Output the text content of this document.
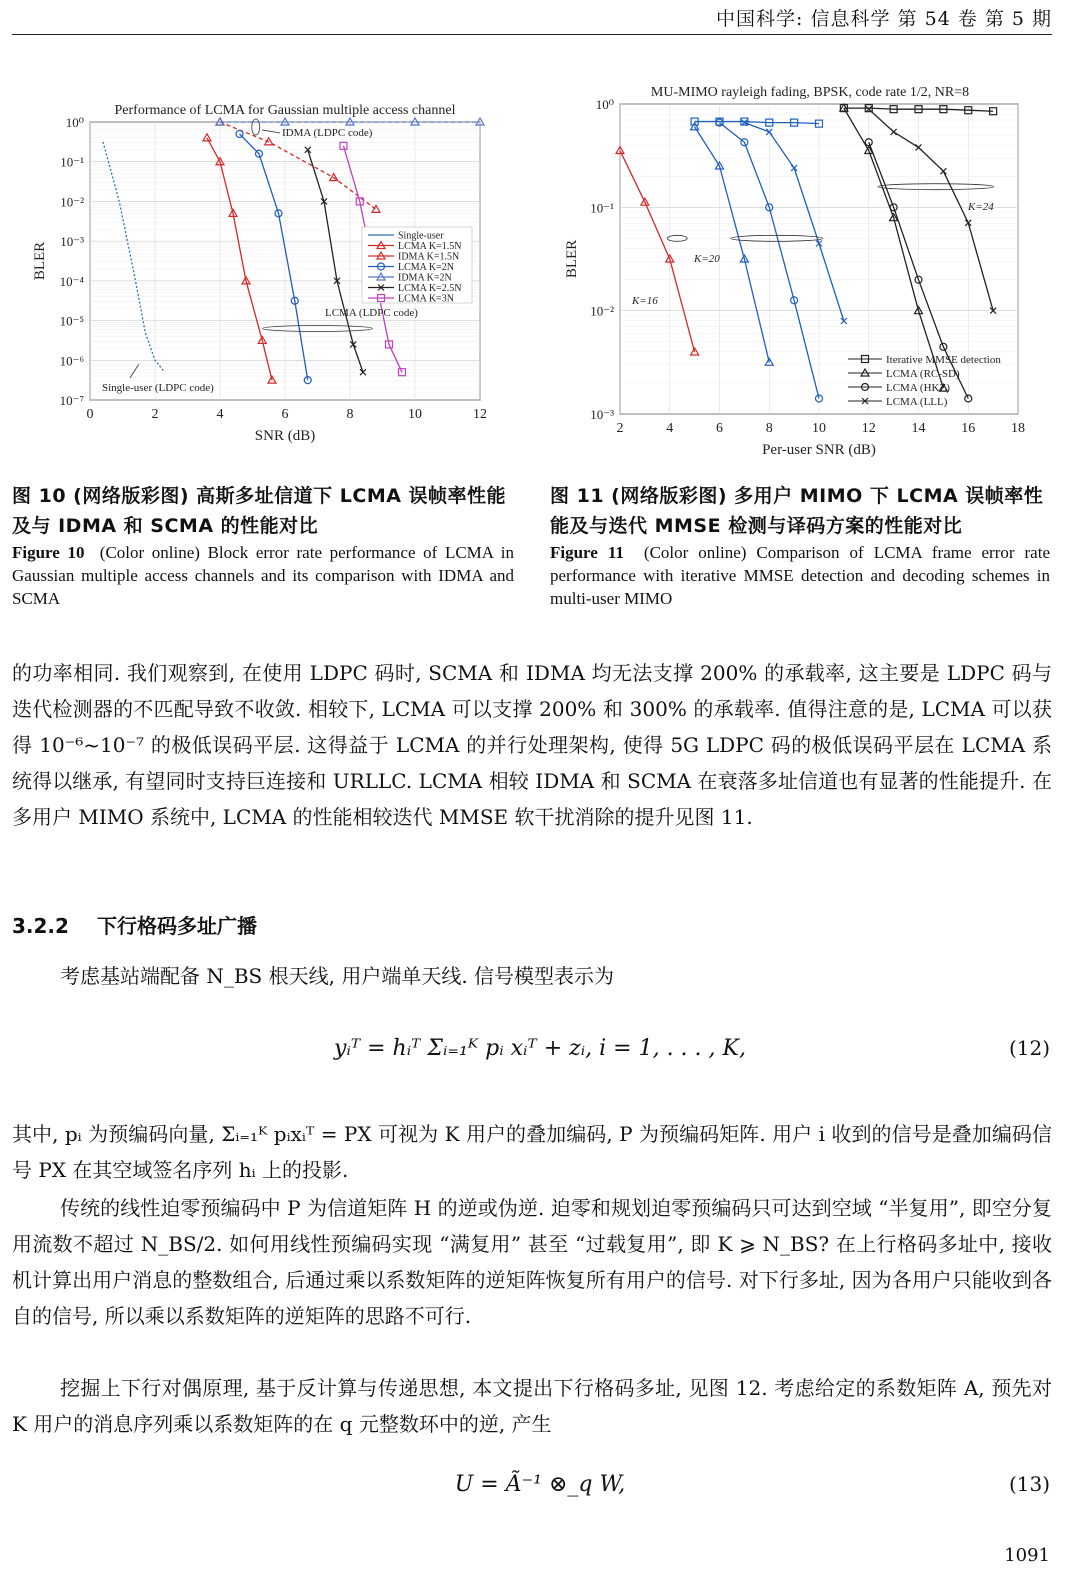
中国科学: 信息科学 第 54 卷 第 5 期
0	2	4	6	8	10	12
10⁰
10⁻¹
10⁻²
10⁻³
10⁻⁴
10⁻⁵
10⁻⁶
10⁻⁷
SNR (dB)
BLER
Performance of LCMA for Gaussian multiple access channel
Single-user
LCMA K=1.5N
IDMA K=1.5N
LCMA K=2N
IDMA K=2N
LCMA K=2.5N
LCMA K=3N
IDMA (LDPC code)
LCMA (LDPC code)
Single-user (LDPC code)
2	4	6	8	10	12	14	16	18
10⁰
10⁻¹
10⁻²
10⁻³
Per-user SNR (dB)
BLER
MU-MIMO rayleigh fading, BPSK, code rate 1/2, NR=8
Iterative MMSE detection
LCMA (RC-SD)
LCMA (HKZ)
LCMA (LLL)
K=16
K=20
K=24
图 10 (网络版彩图) 高斯多址信道下 LCMA 误帧率性能及与 IDMA 和 SCMA 的性能对比
Figure 10 (Color online) Block error rate performance of LCMA in Gaussian multiple access channels and its comparison with IDMA and SCMA
图 11 (网络版彩图) 多用户 MIMO 下 LCMA 误帧率性能及与迭代 MMSE 检测与译码方案的性能对比
Figure 11 (Color online) Comparison of LCMA frame error rate performance with iterative MMSE detection and decoding schemes in multi-user MIMO

的功率相同. 我们观察到, 在使用 LDPC 码时, SCMA 和 IDMA 均无法支撑 200% 的承载率, 这主要是 LDPC 码与迭代检测器的不匹配导致不收敛. 相较下, LCMA 可以支撑 200% 和 300% 的承载率. 值得注意的是, LCMA 可以获得 10⁻⁶~10⁻⁷ 的极低误码平层. 这得益于 LCMA 的并行处理架构, 使得 5G LDPC 码的极低误码平层在 LCMA 系统得以继承, 有望同时支持巨连接和 URLLC. LCMA 相较 IDMA 和 SCMA 在衰落多址信道也有显著的性能提升. 在多用户 MIMO 系统中, LCMA 的性能相较迭代 MMSE 软干扰消除的提升见图 11.

3.2.2 下行格码多址广播

考虑基站端配备 N_BS 根天线, 用户端单天线. 信号模型表示为

yᵢᵀ = hᵢᵀ Σᵢ₌₁ᴷ pᵢ xᵢᵀ + zᵢ, i = 1, . . . , K,	(12)

其中, pᵢ 为预编码向量, Σᵢ₌₁ᴷ pᵢxᵢᵀ = PX 可视为 K 用户的叠加编码, P 为预编码矩阵. 用户 i 收到的信号是叠加编码信号 PX 在其空域签名序列 hᵢ 上的投影.

传统的线性迫零预编码中 P 为信道矩阵 H 的逆或伪逆. 迫零和规划迫零预编码只可达到空域 “半复用”, 即空分复用流数不超过 N_BS/2. 如何用线性预编码实现 “满复用” 甚至 “过载复用”, 即 K ⩾ N_BS? 在上行格码多址中, 接收机计算出用户消息的整数组合, 后通过乘以系数矩阵的逆矩阵恢复所有用户的信号. 对下行多址, 因为各用户只能收到各自的信号, 所以乘以系数矩阵的逆矩阵的思路不可行.

挖掘上下行对偶原理, 基于反计算与传递思想, 本文提出下行格码多址, 见图 12. 考虑给定的系数矩阵 A, 预先对 K 用户的消息序列乘以系数矩阵的在 q 元整数环中的逆, 产生

U = Ã⁻¹ ⊗_q W,	(13)
1091
